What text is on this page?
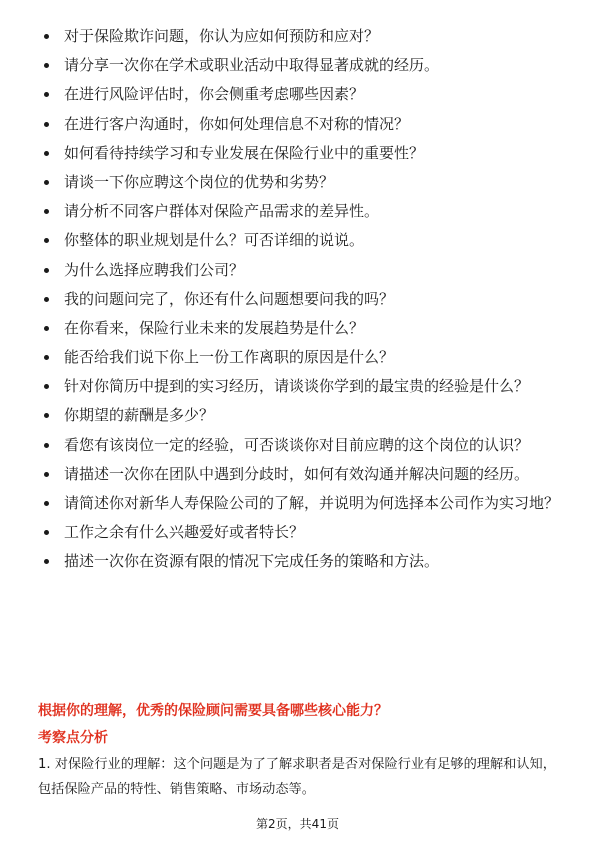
对于保险欺诈问题，你认为应如何预防和应对？
请分享一次你在学术或职业活动中取得显著成就的经历。
在进行风险评估时，你会侧重考虑哪些因素？
在进行客户沟通时，你如何处理信息不对称的情况？
如何看待持续学习和专业发展在保险行业中的重要性？
请谈一下你应聘这个岗位的优势和劣势？
请分析不同客户群体对保险产品需求的差异性。
你整体的职业规划是什么？可否详细的说说。
为什么选择应聘我们公司？
我的问题问完了，你还有什么问题想要问我的吗？
在你看来，保险行业未来的发展趋势是什么？
能否给我们说下你上一份工作离职的原因是什么？
针对你简历中提到的实习经历，请谈谈你学到的最宝贵的经验是什么？
你期望的薪酬是多少？
看您有该岗位一定的经验，可否谈谈你对目前应聘的这个岗位的认识？
请描述一次你在团队中遇到分歧时，如何有效沟通并解决问题的经历。
请简述你对新华人寿保险公司的了解，并说明为何选择本公司作为实习地？
工作之余有什么兴趣爱好或者特长？
描述一次你在资源有限的情况下完成任务的策略和方法。
根据你的理解，优秀的保险顾问需要具备哪些核心能力？
考察点分析
1. 对保险行业的理解：这个问题是为了了解求职者是否对保险行业有足够的理解和认知，包括保险产品的特性、销售策略、市场动态等。
第2页，共41页
